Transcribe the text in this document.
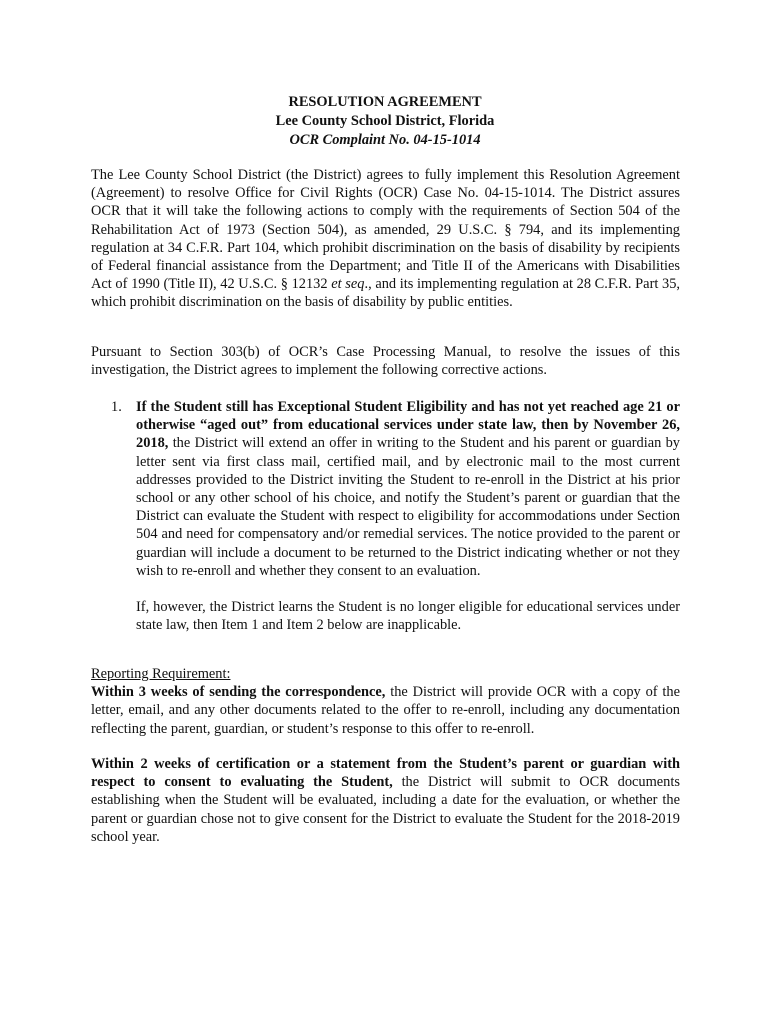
RESOLUTION AGREEMENT
Lee County School District, Florida
OCR Complaint No. 04-15-1014
The Lee County School District (the District) agrees to fully implement this Resolution Agreement (Agreement) to resolve Office for Civil Rights (OCR) Case No. 04-15-1014. The District assures OCR that it will take the following actions to comply with the requirements of Section 504 of the Rehabilitation Act of 1973 (Section 504), as amended, 29 U.S.C. § 794, and its implementing regulation at 34 C.F.R. Part 104, which prohibit discrimination on the basis of disability by recipients of Federal financial assistance from the Department; and Title II of the Americans with Disabilities Act of 1990 (Title II), 42 U.S.C. § 12132 et seq., and its implementing regulation at 28 C.F.R. Part 35, which prohibit discrimination on the basis of disability by public entities.
Pursuant to Section 303(b) of OCR’s Case Processing Manual, to resolve the issues of this investigation, the District agrees to implement the following corrective actions.
1. If the Student still has Exceptional Student Eligibility and has not yet reached age 21 or otherwise “aged out” from educational services under state law, then by November 26, 2018, the District will extend an offer in writing to the Student and his parent or guardian by letter sent via first class mail, certified mail, and by electronic mail to the most current addresses provided to the District inviting the Student to re-enroll in the District at his prior school or any other school of his choice, and notify the Student’s parent or guardian that the District can evaluate the Student with respect to eligibility for accommodations under Section 504 and need for compensatory and/or remedial services. The notice provided to the parent or guardian will include a document to be returned to the District indicating whether or not they wish to re-enroll and whether they consent to an evaluation.
If, however, the District learns the Student is no longer eligible for educational services under state law, then Item 1 and Item 2 below are inapplicable.
Reporting Requirement:
Within 3 weeks of sending the correspondence, the District will provide OCR with a copy of the letter, email, and any other documents related to the offer to re-enroll, including any documentation reflecting the parent, guardian, or student’s response to this offer to re-enroll.
Within 2 weeks of certification or a statement from the Student’s parent or guardian with respect to consent to evaluating the Student, the District will submit to OCR documents establishing when the Student will be evaluated, including a date for the evaluation, or whether the parent or guardian chose not to give consent for the District to evaluate the Student for the 2018-2019 school year.
